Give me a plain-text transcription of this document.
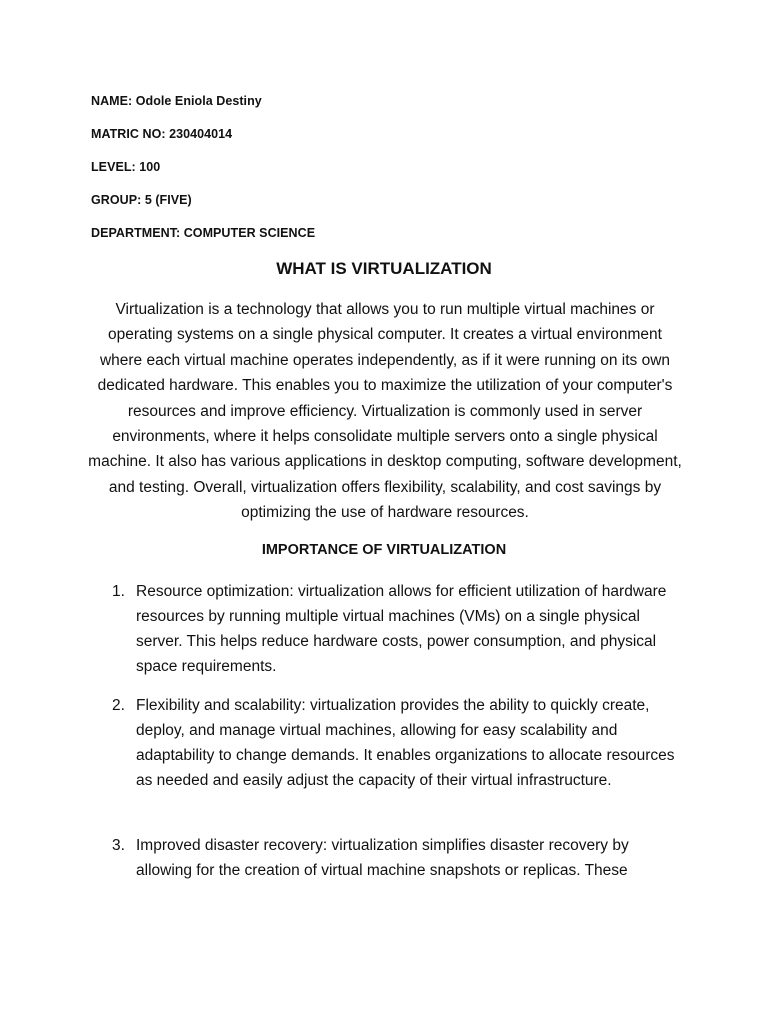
NAME: Odole Eniola Destiny
MATRIC NO: 230404014
LEVEL: 100
GROUP: 5 (FIVE)
DEPARTMENT: COMPUTER SCIENCE
WHAT IS VIRTUALIZATION
Virtualization is a technology that allows you to run multiple virtual machines or operating systems on a single physical computer. It creates a virtual environment where each virtual machine operates independently, as if it were running on its own dedicated hardware. This enables you to maximize the utilization of your computer's resources and improve efficiency. Virtualization is commonly used in server environments, where it helps consolidate multiple servers onto a single physical machine. It also has various applications in desktop computing, software development, and testing. Overall, virtualization offers flexibility, scalability, and cost savings by optimizing the use of hardware resources.
IMPORTANCE OF VIRTUALIZATION
1. Resource optimization: virtualization allows for efficient utilization of hardware resources by running multiple virtual machines (VMs) on a single physical server. This helps reduce hardware costs, power consumption, and physical space requirements.
2. Flexibility and scalability: virtualization provides the ability to quickly create, deploy, and manage virtual machines, allowing for easy scalability and adaptability to change demands. It enables organizations to allocate resources as needed and easily adjust the capacity of their virtual infrastructure.
3. Improved disaster recovery: virtualization simplifies disaster recovery by allowing for the creation of virtual machine snapshots or replicas. These
